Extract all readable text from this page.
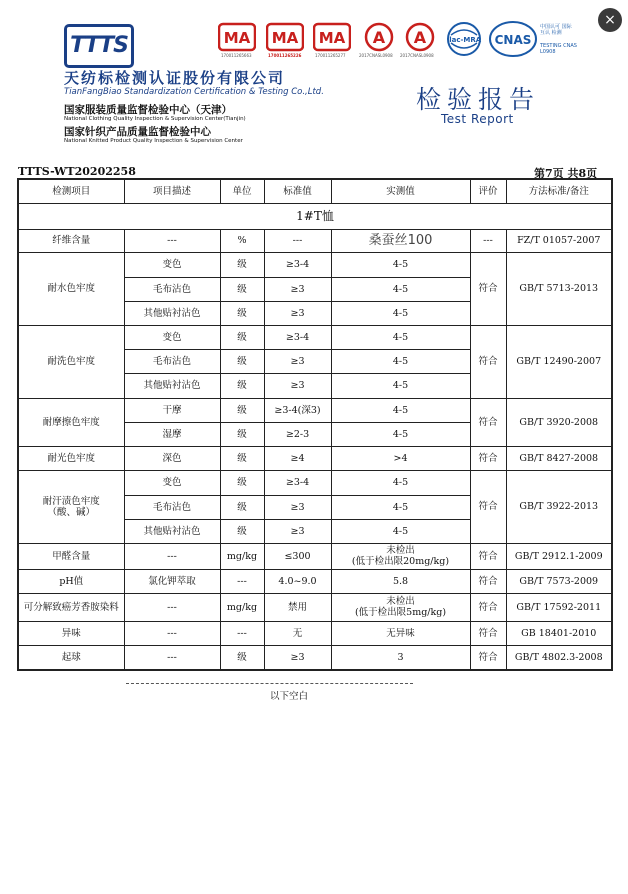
×
TTTS
天纺标检测认证股份有限公司
TianFangBiao Standardization Certification & Testing Co.,Ltd.
国家服装质量监督检验中心（天津）
National Clothing Quality Inspection & Supervision Center(Tianjin)
国家针织产品质量监督检验中心
National Knitted Product Quality Inspection & Supervision Center
MA
170011265663
MA
170011265226
MA
170011265277
A
2017CNASL0908
A
2017CNASL0908
ilac-MRA CNAS
中国认可 国际互认 检测
TESTING CNAS L0908
检验报告
Test Report
TTTS-WT20202258	第7页 共8页
检测项目	项目描述	单位	标准值	实测值	评价	方法标准/备注
1#T恤						
纤维含量	---	%	---	桑蚕丝100	---	FZ/T 01057-2007
耐水色牢度	变色	级	≥3-4	4-5	符合	GB/T 5713-2013
	毛布沾色	级	≥3	4-5		
	其他贴衬沾色	级	≥3	4-5		
耐洗色牢度	变色	级	≥3-4	4-5	符合	GB/T 12490-2007
	毛布沾色	级	≥3	4-5		
	其他贴衬沾色	级	≥3	4-5		
耐摩擦色牢度	干摩	级	≥3-4(深3)	4-5	符合	GB/T 3920-2008
	湿摩	级	≥2-3	4-5		
耐光色牢度	深色	级	≥4	>4	符合	GB/T 8427-2008

耐汗渍色牢度
（酸、碱）	变色	级	≥3-4	4-5	符合	GB/T 3922-2013
	毛布沾色	级	≥3	4-5		
	其他贴衬沾色	级	≥3	4-5		
甲醛含量	---	mg/kg	≤300	未检出
(低于检出限20mg/kg)	符合	GB/T 2912.1-2009
pH值	氯化钾萃取	---	4.0~9.0	5.8	符合	GB/T 7573-2009
可分解致癌芳香胺染料	---	mg/kg	禁用	未检出
(低于检出限5mg/kg)	符合	GB/T 17592-2011
异味	---	---	无	无异味	符合	GB 18401-2010
起球	---	级	≥3	3	符合	GB/T 4802.3-2008
以下空白
